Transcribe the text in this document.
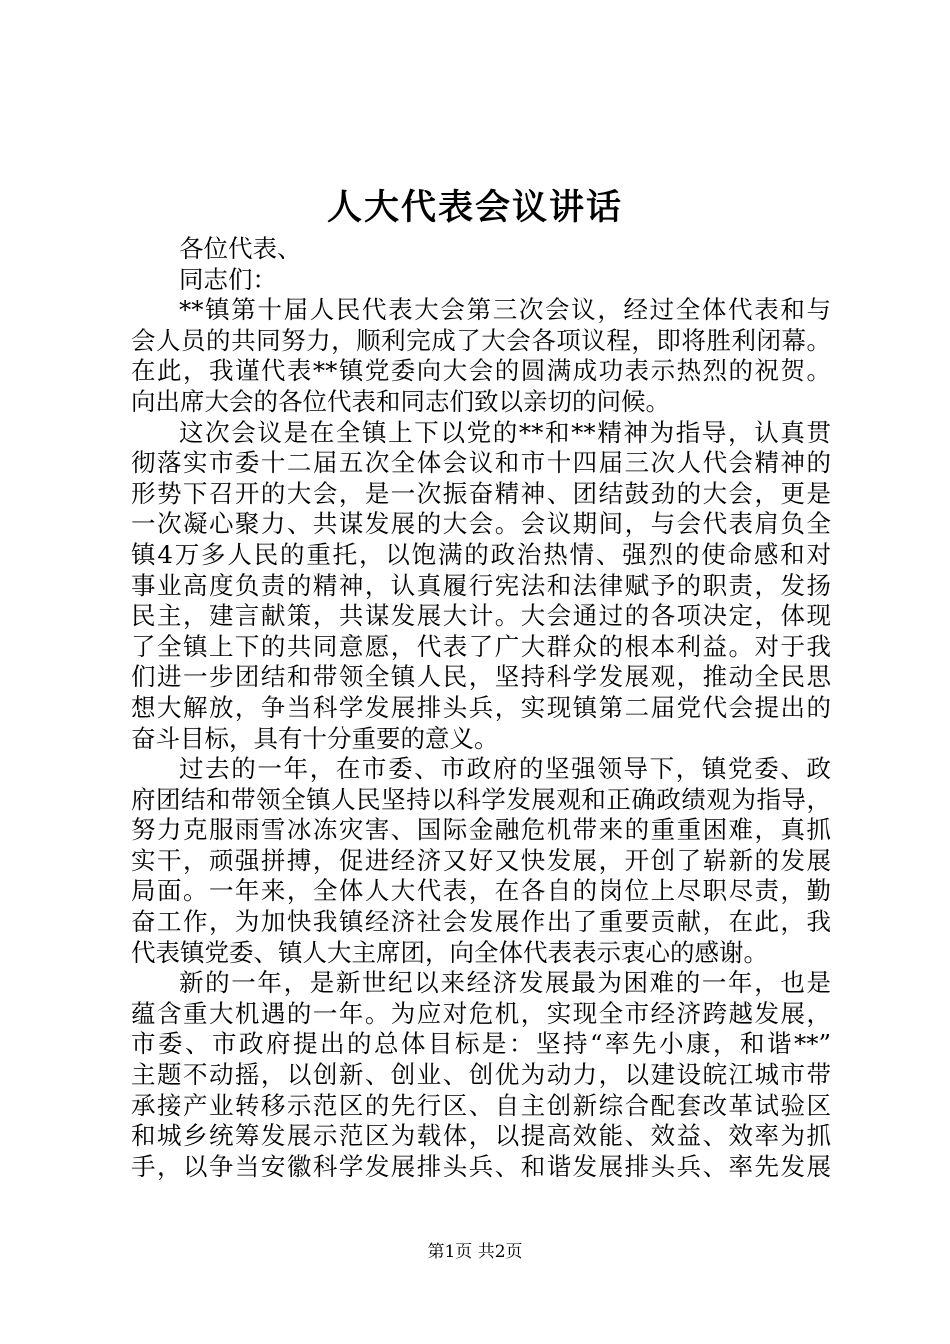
人大代表会议讲话
各位代表、
同志们：
**镇第十届人民代表大会第三次会议，经过全体代表和与
会人员的共同努力，顺利完成了大会各项议程，即将胜利闭幕。
在此，我谨代表**镇党委向大会的圆满成功表示热烈的祝贺。
向出席大会的各位代表和同志们致以亲切的问候。
这次会议是在全镇上下以党的**和**精神为指导，认真贯
彻落实市委十二届五次全体会议和市十四届三次人代会精神的
形势下召开的大会，是一次振奋精神、团结鼓劲的大会，更是
一次凝心聚力、共谋发展的大会。会议期间，与会代表肩负全
镇4万多人民的重托，以饱满的政治热情、强烈的使命感和对
事业高度负责的精神，认真履行宪法和法律赋予的职责，发扬
民主，建言献策，共谋发展大计。大会通过的各项决定，体现
了全镇上下的共同意愿，代表了广大群众的根本利益。对于我
们进一步团结和带领全镇人民，坚持科学发展观，推动全民思
想大解放，争当科学发展排头兵，实现镇第二届党代会提出的
奋斗目标，具有十分重要的意义。
过去的一年，在市委、市政府的坚强领导下，镇党委、政
府团结和带领全镇人民坚持以科学发展观和正确政绩观为指导，
努力克服雨雪冰冻灾害、国际金融危机带来的重重困难，真抓
实干，顽强拼搏，促进经济又好又快发展，开创了崭新的发展
局面。一年来，全体人大代表，在各自的岗位上尽职尽责，勤
奋工作，为加快我镇经济社会发展作出了重要贡献，在此，我
代表镇党委、镇人大主席团，向全体代表表示衷心的感谢。
新的一年，是新世纪以来经济发展最为困难的一年，也是
蕴含重大机遇的一年。为应对危机，实现全市经济跨越发展，
市委、市政府提出的总体目标是：坚持“率先小康，和谐**”
主题不动摇，以创新、创业、创优为动力，以建设皖江城市带
承接产业转移示范区的先行区、自主创新综合配套改革试验区
和城乡统筹发展示范区为载体，以提高效能、效益、效率为抓
手，以争当安徽科学发展排头兵、和谐发展排头兵、率先发展
第1页 共2页
